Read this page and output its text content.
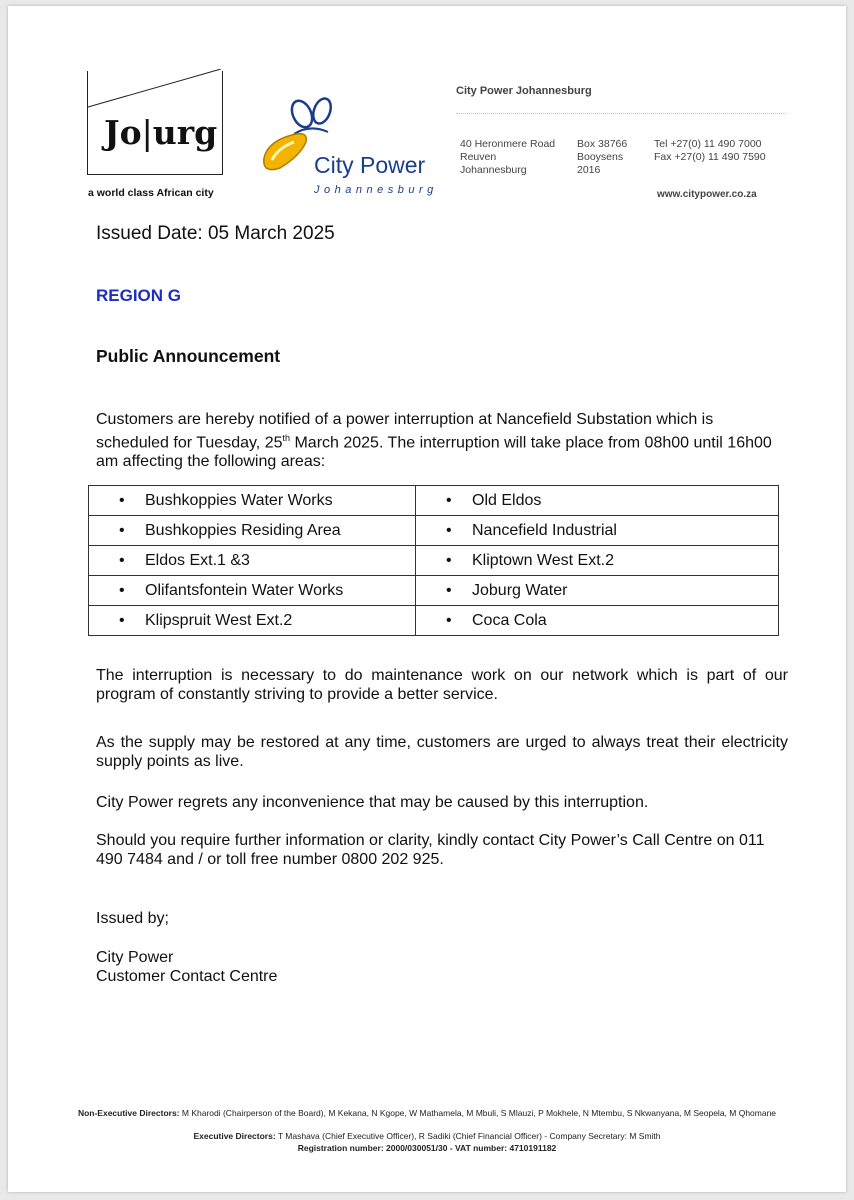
Jo|urg
a world class African city
City Power
Johannesburg
City Power Johannesburg
40 Heronmere Road
Reuven
Johannesburg
Box 38766
Booysens
2016
Tel +27(0) 11 490 7000
Fax +27(0) 11 490 7590
www.citypower.co.za
Issued Date: 05 March 2025
REGION G
Public Announcement
Customers are hereby notified of a power interruption at Nancefield Substation which is scheduled for Tuesday, 25th March 2025. The interruption will take place from 08h00 until 16h00 am affecting the following areas:
• Bushkoppies Water Works	• Old Eldos
• Bushkoppies Residing Area	• Nancefield Industrial
• Eldos Ext.1 &3	• Kliptown West Ext.2
• Olifantsfontein Water Works	• Joburg Water
• Klipspruit West Ext.2	• Coca Cola
The interruption is necessary to do maintenance work on our network which is part of our program of constantly striving to provide a better service.
As the supply may be restored at any time, customers are urged to always treat their electricity supply points as live.
City Power regrets any inconvenience that may be caused by this interruption.
Should you require further information or clarity, kindly contact City Power’s Call Centre on 011 490 7484 and / or toll free number 0800 202 925.
Issued by;
City Power
Customer Contact Centre
Non-Executive Directors: M Kharodi (Chairperson of the Board), M Kekana, N Kgope, W Mathamela, M Mbuli, S Mlauzi, P Mokhele, N Mtembu, S Nkwanyana, M Seopela, M Qhomane
Executive Directors: T Mashava (Chief Executive Officer), R Sadiki (Chief Financial Officer) - Company Secretary: M Smith
Registration number: 2000/030051/30 - VAT number: 4710191182
